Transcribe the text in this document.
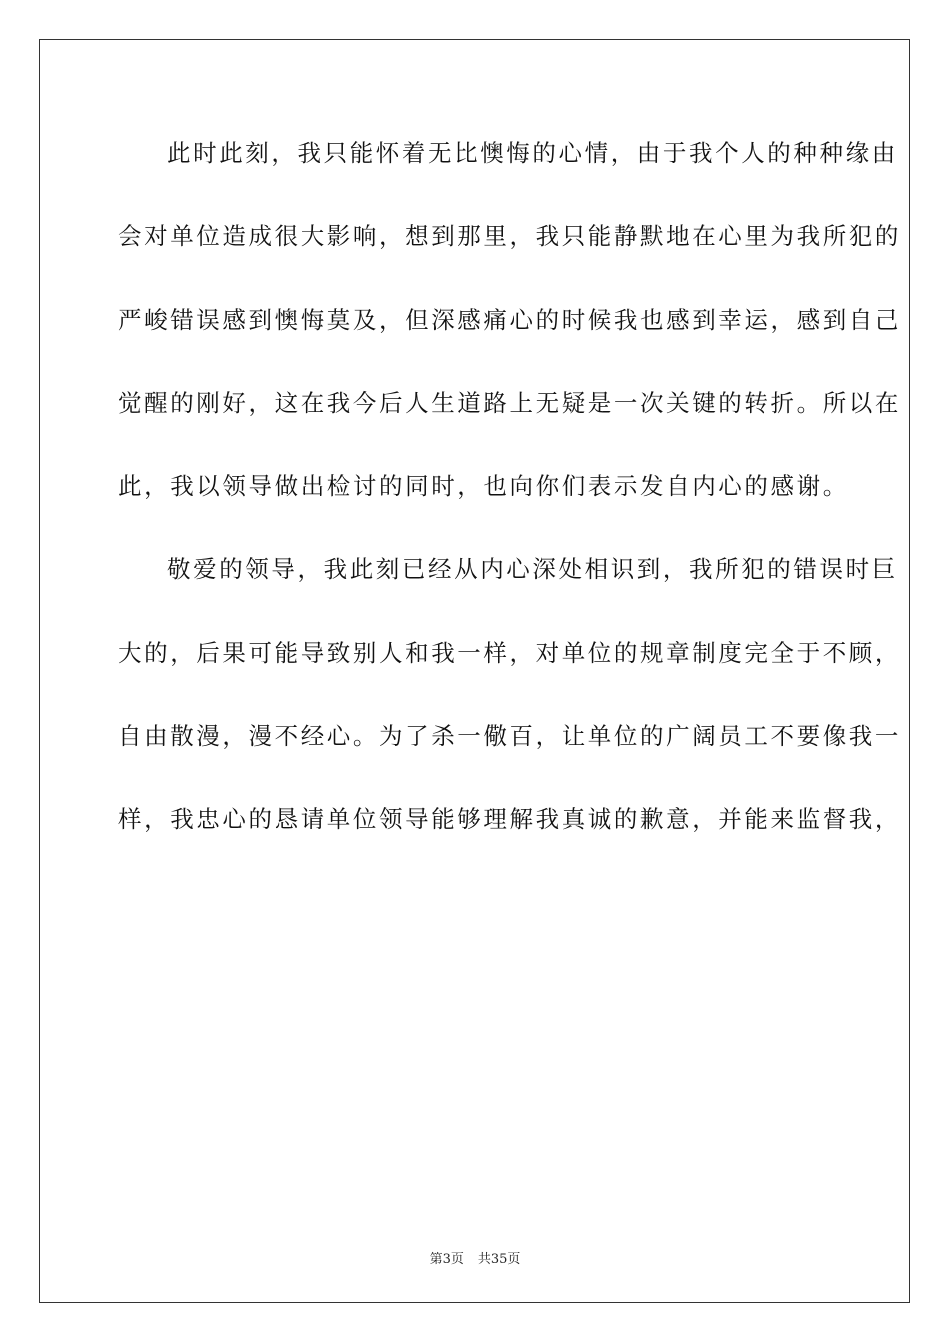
此时此刻，我只能怀着无比懊悔的心情，由于我个人的种种缘由
会对单位造成很大影响，想到那里，我只能静默地在心里为我所犯的
严峻错误感到懊悔莫及，但深感痛心的时候我也感到幸运，感到自己
觉醒的刚好，这在我今后人生道路上无疑是一次关键的转折。所以在
此，我以领导做出检讨的同时，也向你们表示发自内心的感谢。
敬爱的领导，我此刻已经从内心深处相识到，我所犯的错误时巨
大的，后果可能导致别人和我一样，对单位的规章制度完全于不顾，
自由散漫，漫不经心。为了杀一儆百，让单位的广阔员工不要像我一
样，我忠心的恳请单位领导能够理解我真诚的歉意，并能来监督我，
第3页 共35页
